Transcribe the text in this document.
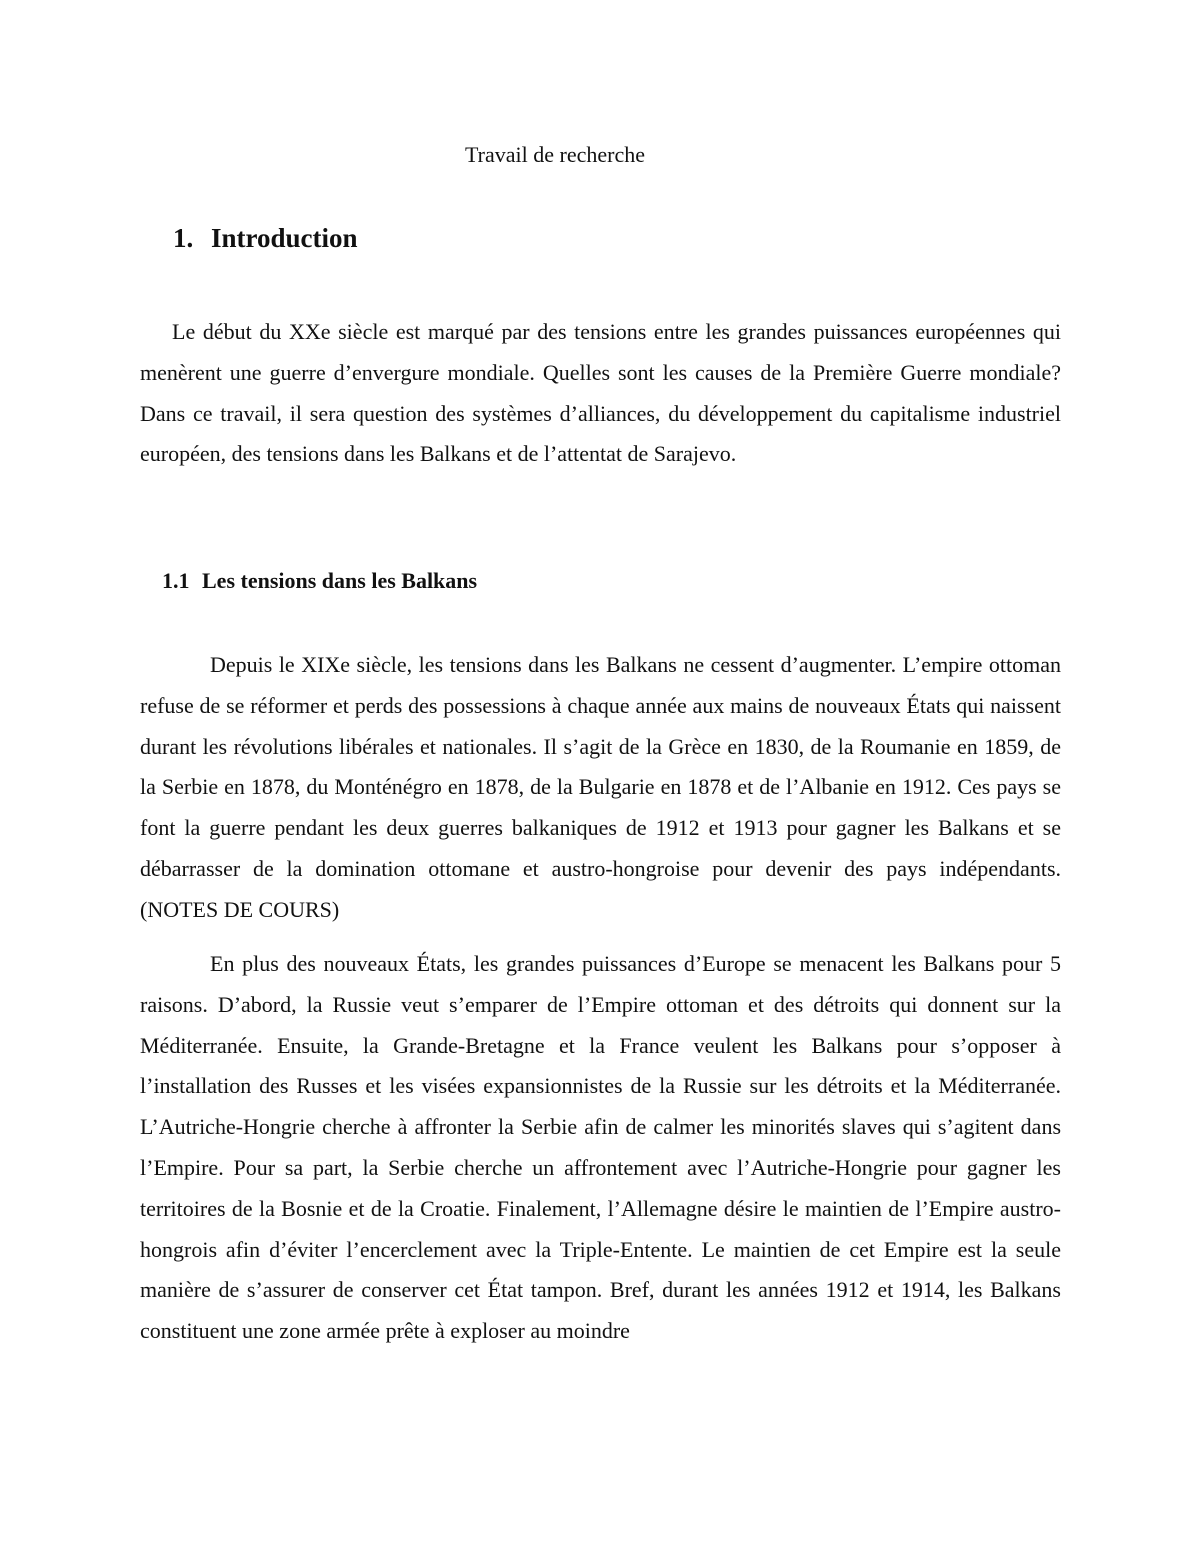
Travail de recherche
1. Introduction

Le début du XXe siècle est marqué par des tensions entre les grandes puissances européennes qui menèrent une guerre d’envergure mondiale. Quelles sont les causes de la Première Guerre mondiale? Dans ce travail, il sera question des systèmes d’alliances, du développement du capitalisme industriel européen, des tensions dans les Balkans et de l’attentat de Sarajevo.

1.1 Les tensions dans les Balkans

Depuis le XIXe siècle, les tensions dans les Balkans ne cessent d’augmenter. L’empire ottoman refuse de se réformer et perds des possessions à chaque année aux mains de nouveaux États qui naissent durant les révolutions libérales et nationales. Il s’agit de la Grèce en 1830, de la Roumanie en 1859, de la Serbie en 1878, du Monténégro en 1878, de la Bulgarie en 1878 et de l’Albanie en 1912. Ces pays se font la guerre pendant les deux guerres balkaniques de 1912 et 1913 pour gagner les Balkans et se débarrasser de la domination ottomane et austro-hongroise pour devenir des pays indépendants. (NOTES DE COURS)

En plus des nouveaux États, les grandes puissances d’Europe se menacent les Balkans pour 5 raisons. D’abord, la Russie veut s’emparer de l’Empire ottoman et des détroits qui donnent sur la Méditerranée. Ensuite, la Grande-Bretagne et la France veulent les Balkans pour s’opposer à l’installation des Russes et les visées expansionnistes de la Russie sur les détroits et la Méditerranée. L’Autriche-Hongrie cherche à affronter la Serbie afin de calmer les minorités slaves qui s’agitent dans l’Empire. Pour sa part, la Serbie cherche un affrontement avec l’Autriche-Hongrie pour gagner les territoires de la Bosnie et de la Croatie. Finalement, l’Allemagne désire le maintien de l’Empire austro-hongrois afin d’éviter l’encerclement avec la Triple-Entente. Le maintien de cet Empire est la seule manière de s’assurer de conserver cet État tampon. Bref, durant les années 1912 et 1914, les Balkans constituent une zone armée prête à exploser au moindre
